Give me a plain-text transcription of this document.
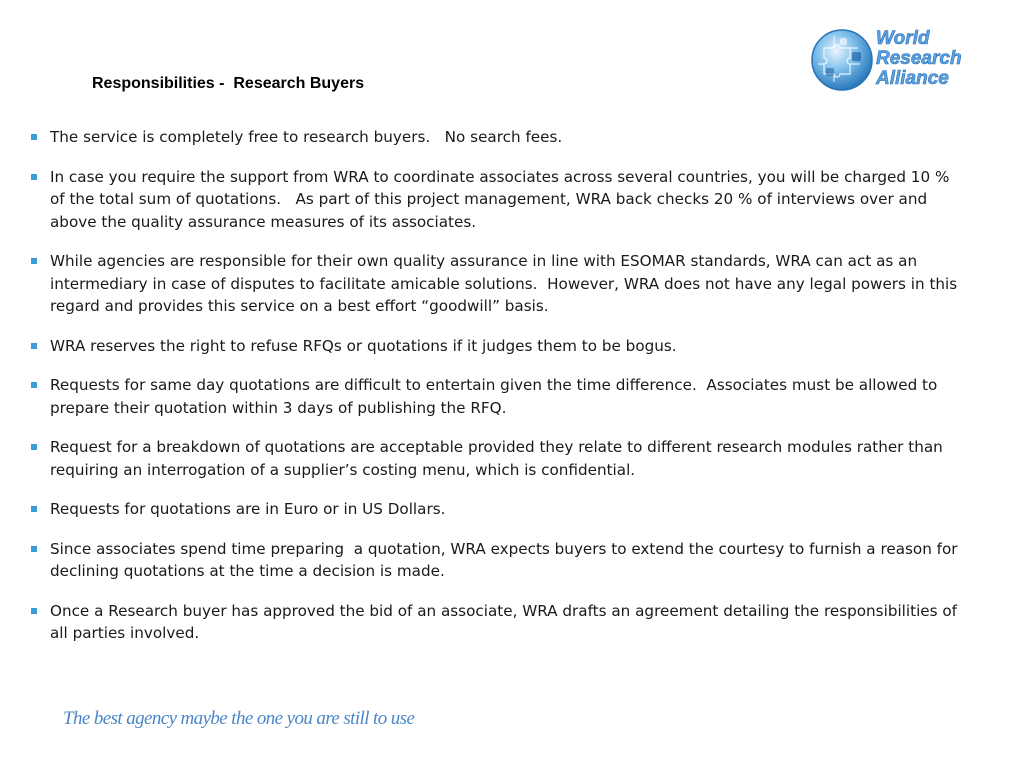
Responsibilities -  Research Buyers
World
Research
Alliance
The service is completely free to research buyers.   No search fees.
In case you require the support from WRA to coordinate associates across several countries, you will be charged 10 % of the total sum of quotations.   As part of this project management, WRA back checks 20 % of interviews over and above the quality assurance measures of its associates.
While agencies are responsible for their own quality assurance in line with ESOMAR standards, WRA can act as an intermediary in case of disputes to facilitate amicable solutions.  However, WRA does not have any legal powers in this regard and provides this service on a best effort “goodwill” basis.
WRA reserves the right to refuse RFQs or quotations if it judges them to be bogus.
Requests for same day quotations are difficult to entertain given the time difference.  Associates must be allowed to prepare their quotation within 3 days of publishing the RFQ.
Request for a breakdown of quotations are acceptable provided they relate to different research modules rather than  requiring an interrogation of a supplier’s costing menu, which is confidential.
Requests for quotations are in Euro or in US Dollars.
Since associates spend time preparing  a quotation, WRA expects buyers to extend the courtesy to furnish a reason for declining quotations at the time a decision is made.
Once a Research buyer has approved the bid of an associate, WRA drafts an agreement detailing the responsibilities of all parties involved.

The best agency maybe the one you are still to use
